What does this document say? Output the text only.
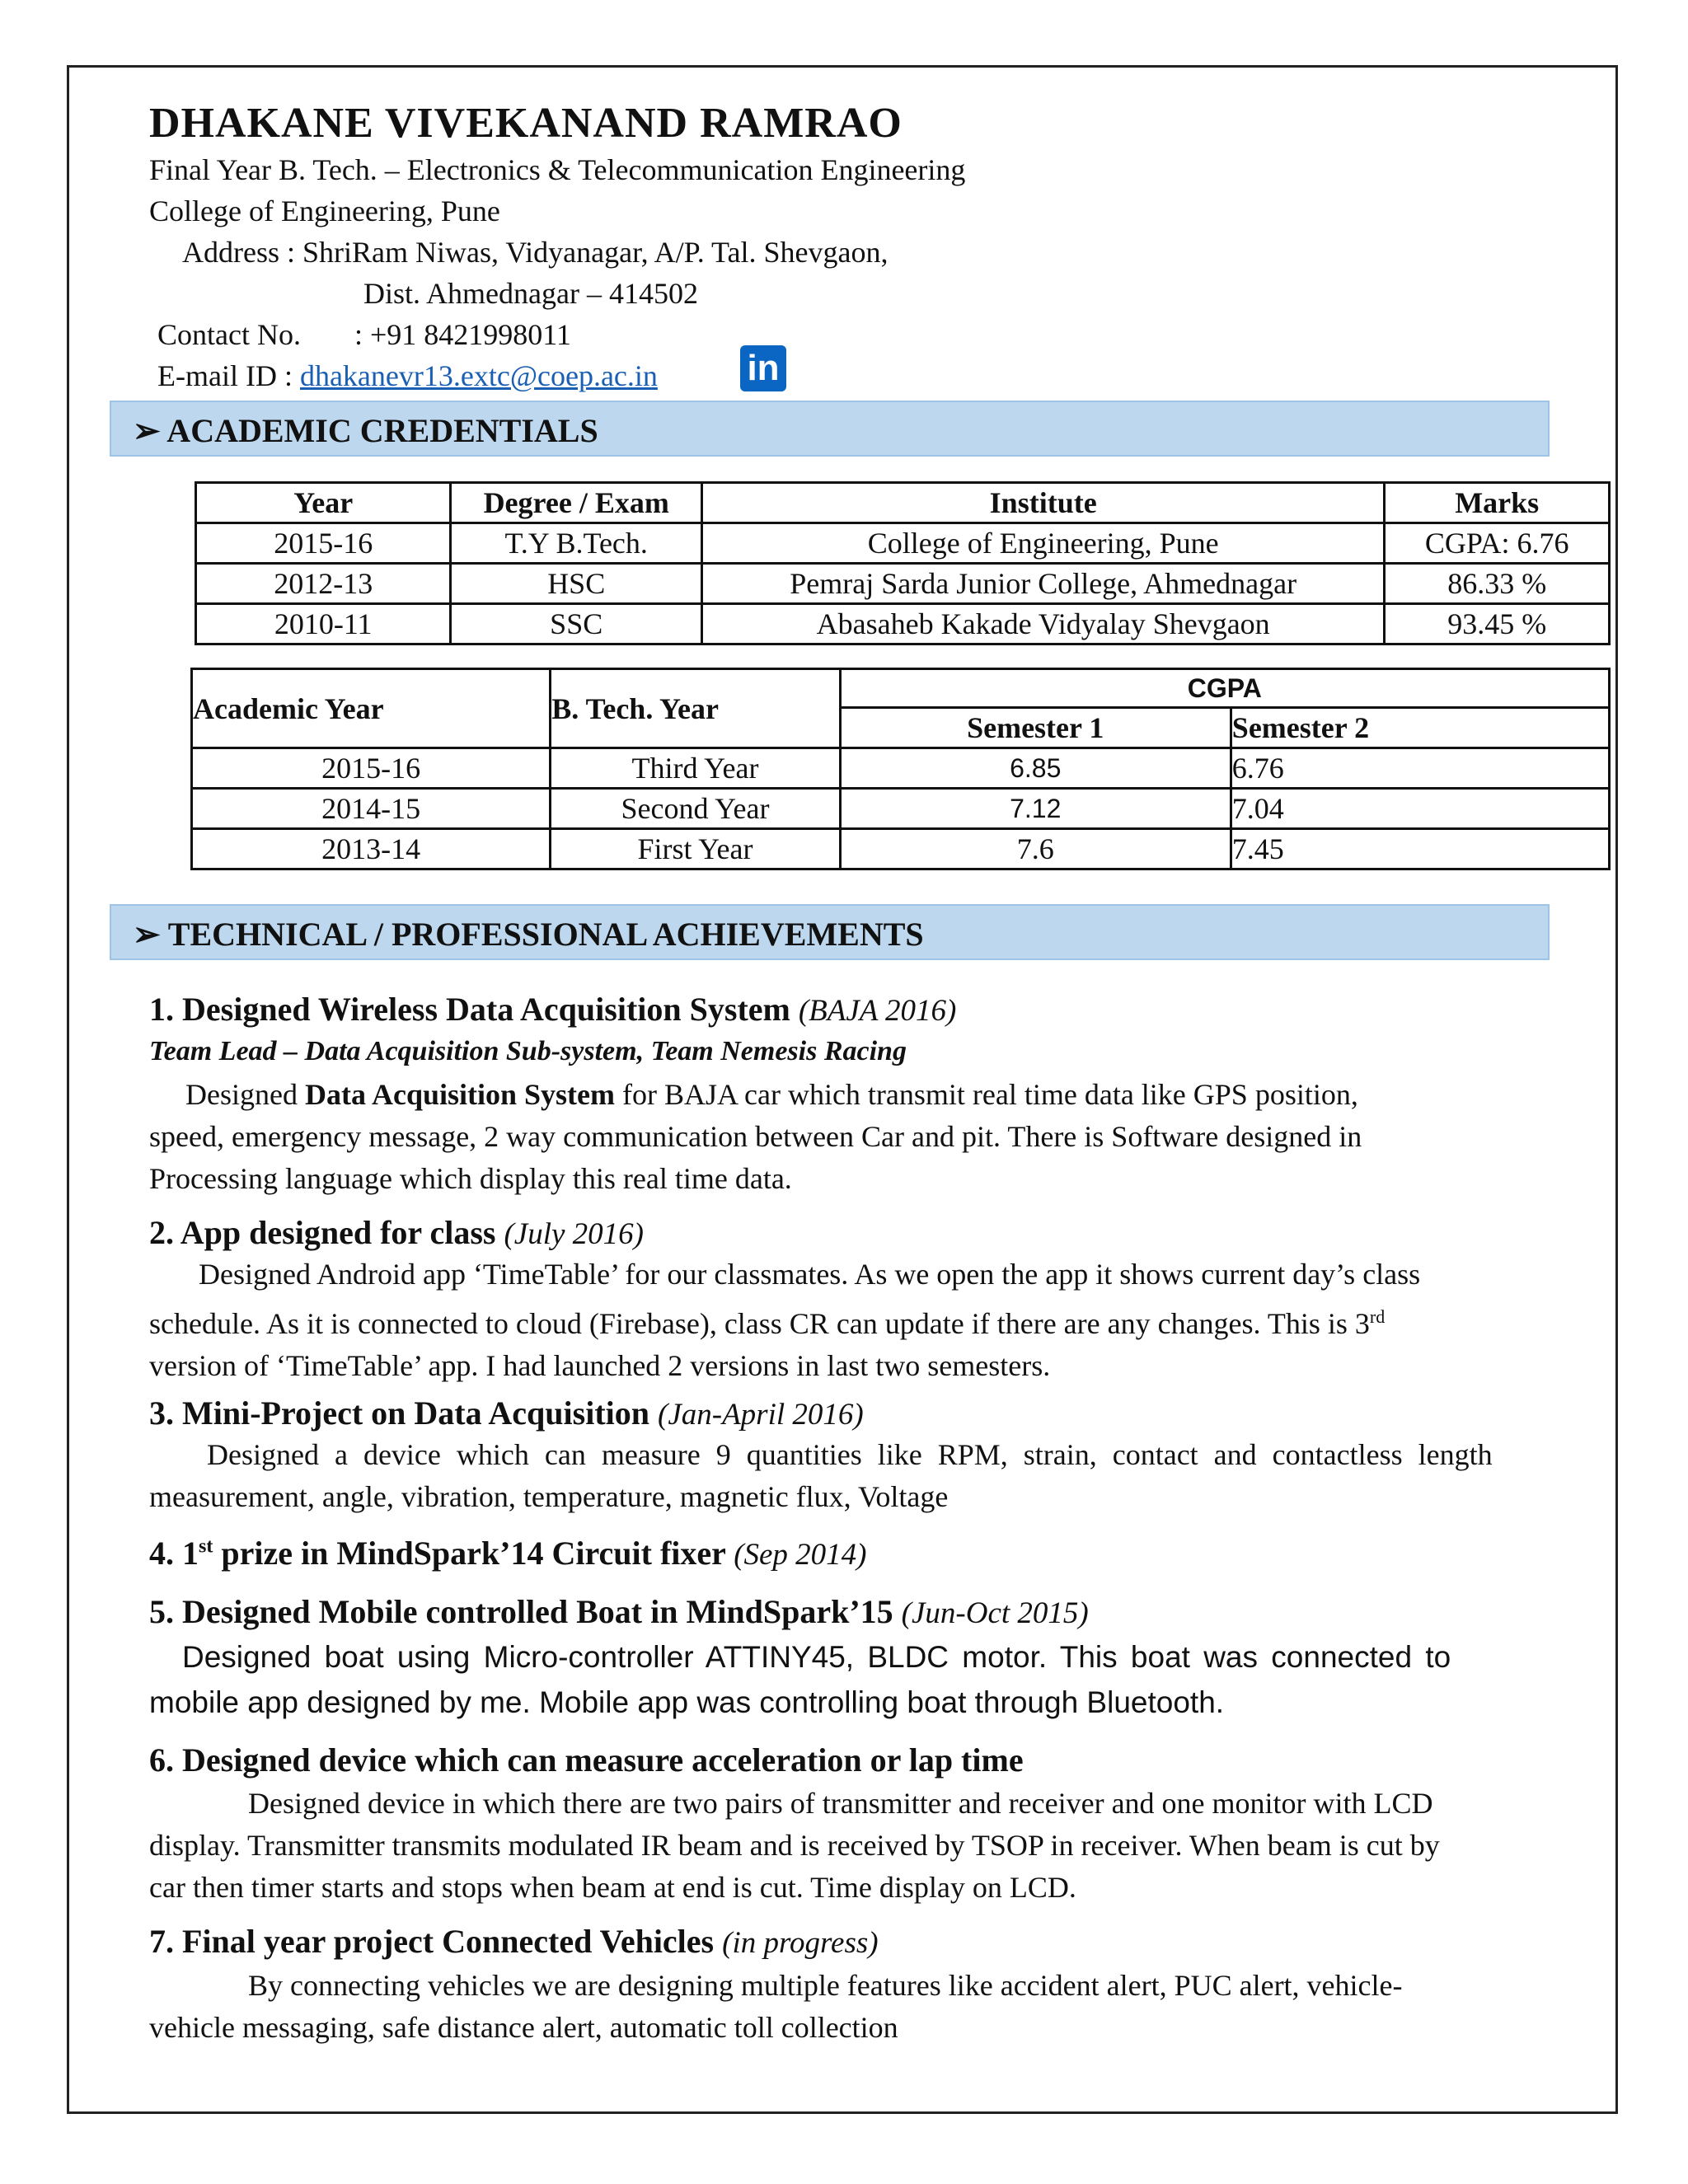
DHAKANE VIVEKANAND RAMRAO
Final Year B. Tech. – Electronics & Telecommunication Engineering
College of Engineering, Pune
Address : ShriRam Niwas, Vidyanagar, A/P. Tal. Shevgaon,
Dist. Ahmednagar – 414502
Contact No. : +91 8421998011
E-mail ID : dhakanevr13.extc@coep.ac.in in
➢ ACADEMIC CREDENTIALS
Year	Degree / Exam	Institute	Marks
2015-16	T.Y B.Tech.	College of Engineering, Pune	CGPA: 6.76
2012-13	HSC	Pemraj Sarda Junior College, Ahmednagar	86.33 %
2010-11	SSC	Abasaheb Kakade Vidyalay Shevgaon	93.45 %
Academic Year	B. Tech. Year	CGPA	
		Semester 1	Semester 2
2015-16	Third Year	6.85	6.76
2014-15	Second Year	7.12	7.04
2013-14	First Year	7.6	7.45
➢ TECHNICAL / PROFESSIONAL ACHIEVEMENTS
1. Designed Wireless Data Acquisition System (BAJA 2016)
Team Lead – Data Acquisition Sub-system, Team Nemesis Racing
Designed Data Acquisition System for BAJA car which transmit real time data like GPS position,
speed, emergency message, 2 way communication between Car and pit. There is Software designed in
Processing language which display this real time data.
2. App designed for class (July 2016)
Designed Android app ‘TimeTable’ for our classmates. As we open the app it shows current day’s class
schedule. As it is connected to cloud (Firebase), class CR can update if there are any changes. This is 3rd
version of ‘TimeTable’ app. I had launched 2 versions in last two semesters.
3. Mini-Project on Data Acquisition (Jan-April 2016)
Designed a device which can measure 9 quantities like RPM, strain, contact and contactless length
measurement, angle, vibration, temperature, magnetic flux, Voltage
4. 1st prize in MindSpark’14 Circuit fixer (Sep 2014)
5. Designed Mobile controlled Boat in MindSpark’15 (Jun-Oct 2015)
Designed boat using Micro-controller ATTINY45, BLDC motor. This boat was connected to
mobile app designed by me. Mobile app was controlling boat through Bluetooth.
6. Designed device which can measure acceleration or lap time
Designed device in which there are two pairs of transmitter and receiver and one monitor with LCD
display. Transmitter transmits modulated IR beam and is received by TSOP in receiver. When beam is cut by
car then timer starts and stops when beam at end is cut. Time display on LCD.
7. Final year project Connected Vehicles (in progress)
By connecting vehicles we are designing multiple features like accident alert, PUC alert, vehicle-
vehicle messaging, safe distance alert, automatic toll collection
